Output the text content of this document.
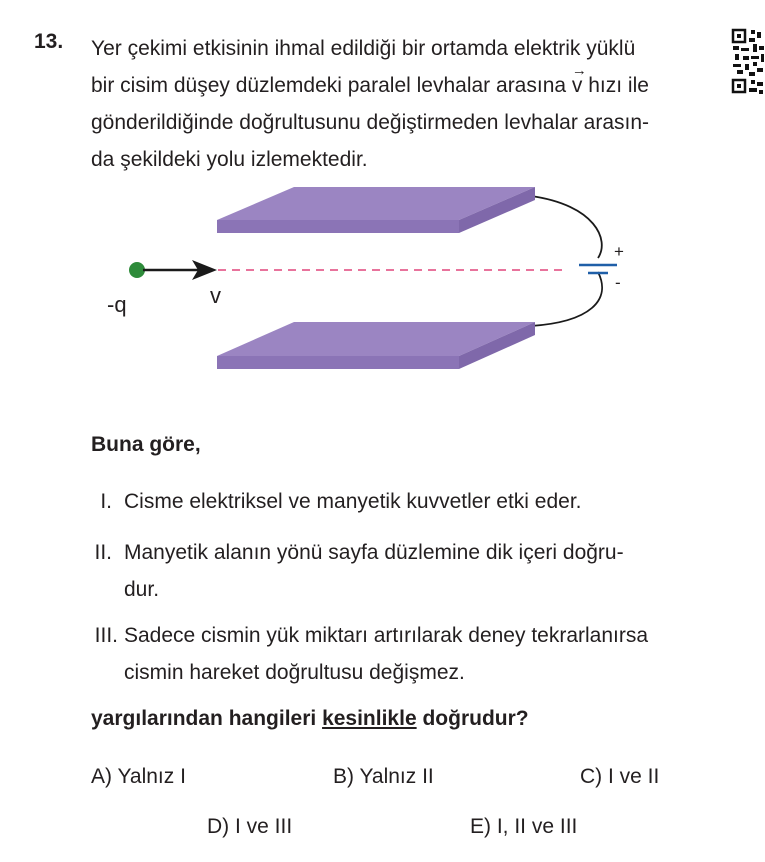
13. Yer çekimi etkisinin ihmal edildiği bir ortamda elektrik yüklü
bir cisim düşey düzlemdeki paralel levhalar arasına
→
v hızı ile
gönderildiğinde doğrultusunu değiştirmeden levhalar arasın-
da şekildeki yolu izlemektedir.
+
-
v
-q
Buna göre,
I. Cisme elektriksel ve manyetik kuvvetler etki eder.
II. Manyetik alanın yönü sayfa düzlemine dik içeri doğru-
dur.
III. Sadece cismin yük miktarı artırılarak deney tekrarlanırsa
cismin hareket doğrultusu değişmez.
yargılarından hangileri kesinlikle doğrudur?
A) Yalnız I	B) Yalnız II	C) I ve II
D) I ve III	E) I, II ve III
